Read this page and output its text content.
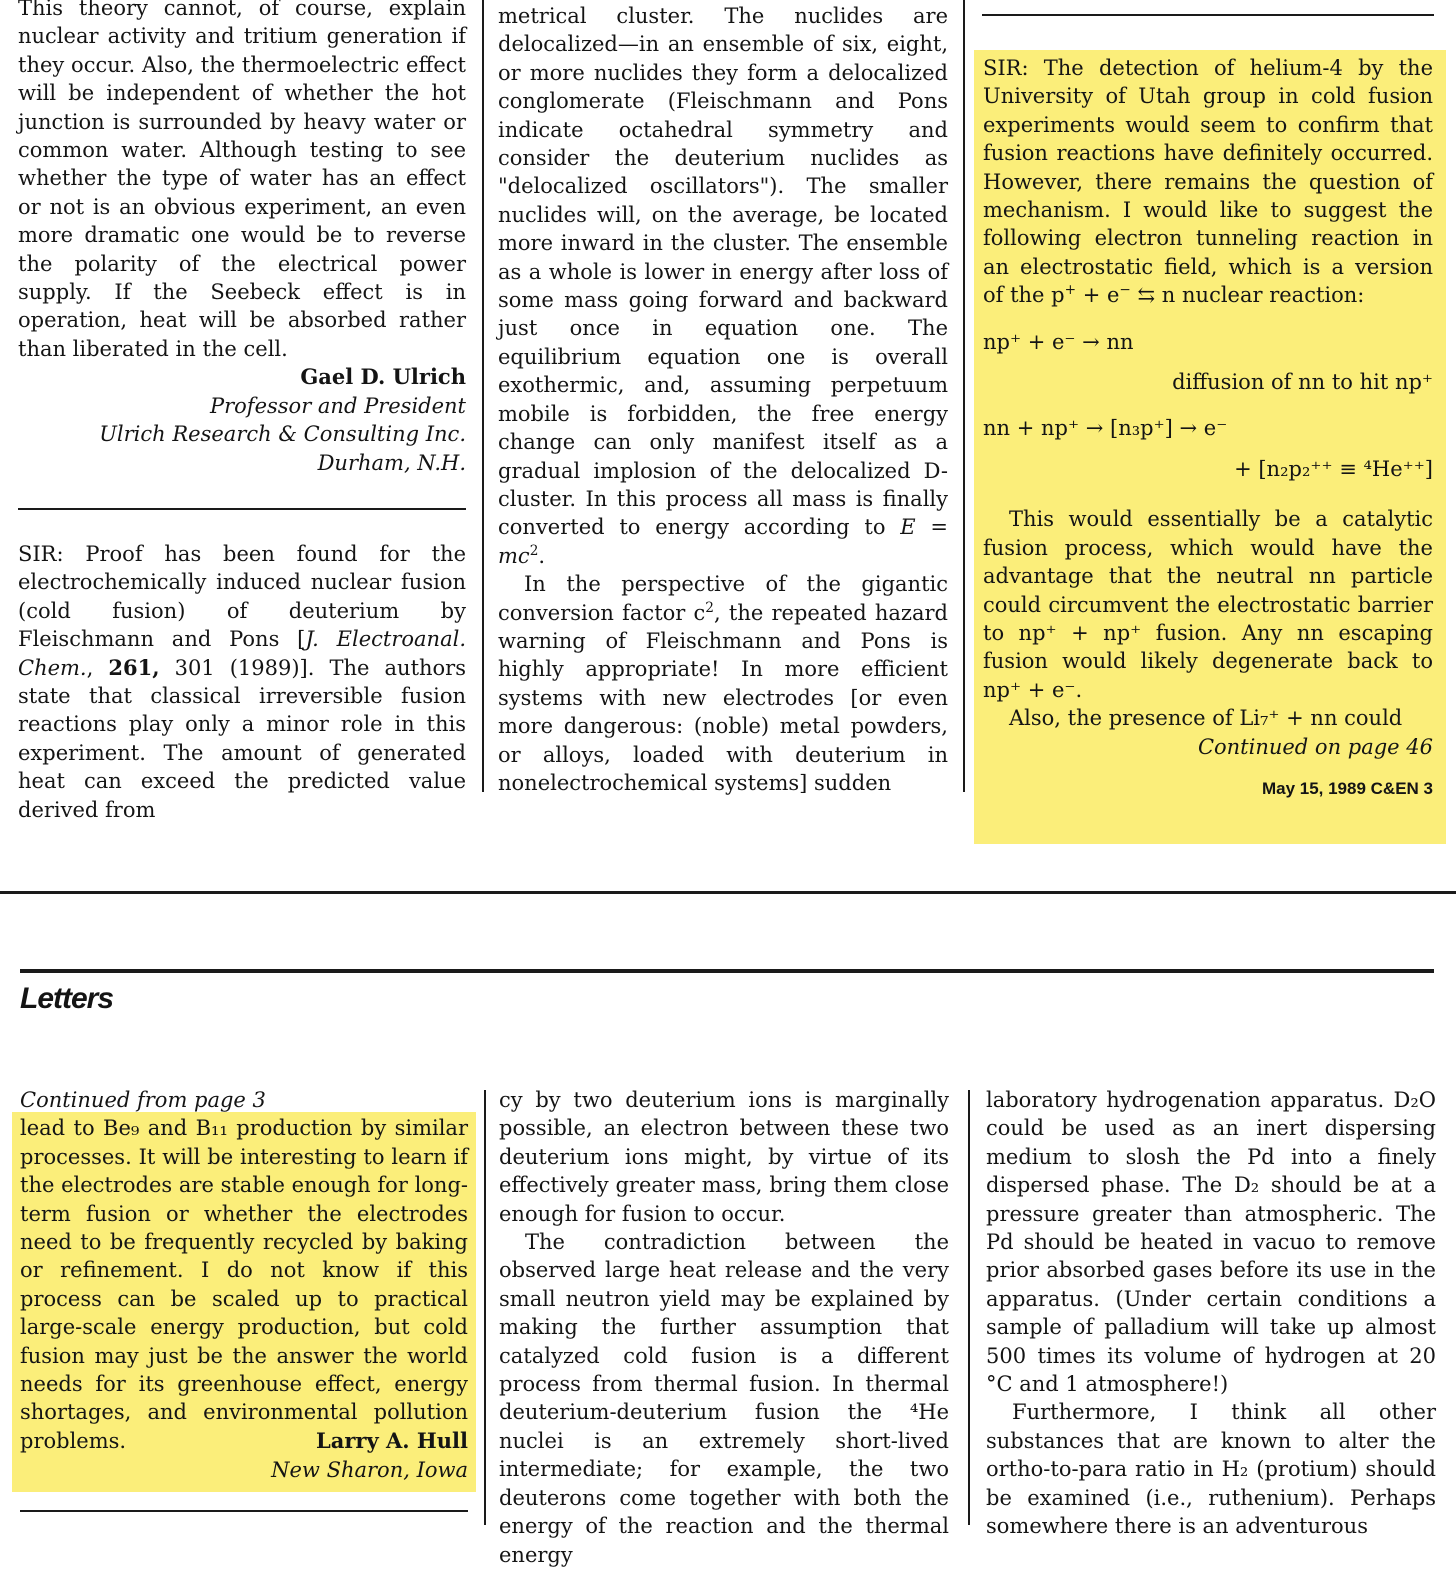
This theory cannot, of course, explain nuclear activity and tritium generation if they occur. Also, the thermoelectric effect will be independent of whether the hot junction is surrounded by heavy water or common water. Although testing to see whether the type of water has an effect or not is an obvious experiment, an even more dramatic one would be to reverse the polarity of the electrical power supply. If the Seebeck effect is in operation, heat will be absorbed rather than liberated in the cell.

Gael D. Ulrich

Professor and President

Ulrich Research & Consulting Inc.

Durham, N.H.

SIR: Proof has been found for the electrochemically induced nuclear fusion (cold fusion) of deuterium by Fleischmann and Pons [J. Electroanal. Chem., 261, 301 (1989)]. The authors state that classical irreversible fusion reactions play only a minor role in this experiment. The amount of generated heat can exceed the predicted value derived from

metrical cluster. The nuclides are delocalized—in an ensemble of six, eight, or more nuclides they form a delocalized conglomerate (Fleischmann and Pons indicate octahedral symmetry and consider the deuterium nuclides as "delocalized oscillators"). The smaller nuclides will, on the average, be located more inward in the cluster. The ensemble as a whole is lower in energy after loss of some mass going forward and backward just once in equation one. The equilibrium equation one is overall exothermic, and, assuming perpetuum mobile is forbidden, the free energy change can only manifest itself as a gradual implosion of the delocalized D-cluster. In this process all mass is finally converted to energy according to $E = mc^2$.

In the perspective of the gigantic conversion factor $c^2$, the repeated hazard warning of Fleischmann and Pons is highly appropriate! In more efficient systems with new electrodes [or even more dangerous: (noble) metal powders, or alloys, loaded with deuterium in nonelectrochemical systems] sudden

SIR: The detection of helium-4 by the University of Utah group in cold fusion experiments would seem to confirm that fusion reactions have definitely occurred. However, there remains the question of mechanism. I would like to suggest the following electron tunneling reaction in an electrostatic field, which is a version of the p+ + e− ⇆ n nuclear reaction:

np⁺ + e⁻ → nn

diffusion of nn to hit np⁺

nn + np⁺ → [n₃p⁺] → e⁻

+ [n₂p₂⁺⁺ ≡ ⁴He⁺⁺]

This would essentially be a catalytic fusion process, which would have the advantage that the neutral nn particle could circumvent the electrostatic barrier to np⁺ + np⁺ fusion. Any nn escaping fusion would likely degenerate back to np⁺ + e⁻.

Also, the presence of Li₇⁺ + nn could

Continued on page 46

May 15, 1989 C&EN 3

Letters

Continued from page 3

lead to Be₉ and B₁₁ production by similar processes. It will be interesting to learn if the electrodes are stable enough for long-term fusion or whether the electrodes need to be frequently recycled by baking or refinement. I do not know if this process can be scaled up to practical large-scale energy production, but cold fusion may just be the answer the world needs for its greenhouse effect, energy shortages, and environmental pollution problems.	Larry A. Hull

New Sharon, Iowa

cy by two deuterium ions is marginally possible, an electron between these two deuterium ions might, by virtue of its effectively greater mass, bring them close enough for fusion to occur.

The contradiction between the observed large heat release and the very small neutron yield may be explained by making the further assumption that catalyzed cold fusion is a different process from thermal fusion. In thermal deuterium-deuterium fusion the ⁴He nuclei is an extremely short-lived intermediate; for example, the two deuterons come together with both the energy of the reaction and the thermal energy

laboratory hydrogenation apparatus. D₂O could be used as an inert dispersing medium to slosh the Pd into a finely dispersed phase. The D₂ should be at a pressure greater than atmospheric. The Pd should be heated in vacuo to remove prior absorbed gases before its use in the apparatus. (Under certain conditions a sample of palladium will take up almost 500 times its volume of hydrogen at 20 °C and 1 atmosphere!)

Furthermore, I think all other substances that are known to alter the ortho-to-para ratio in H₂ (protium) should be examined (i.e., ruthenium). Perhaps somewhere there is an adventurous
